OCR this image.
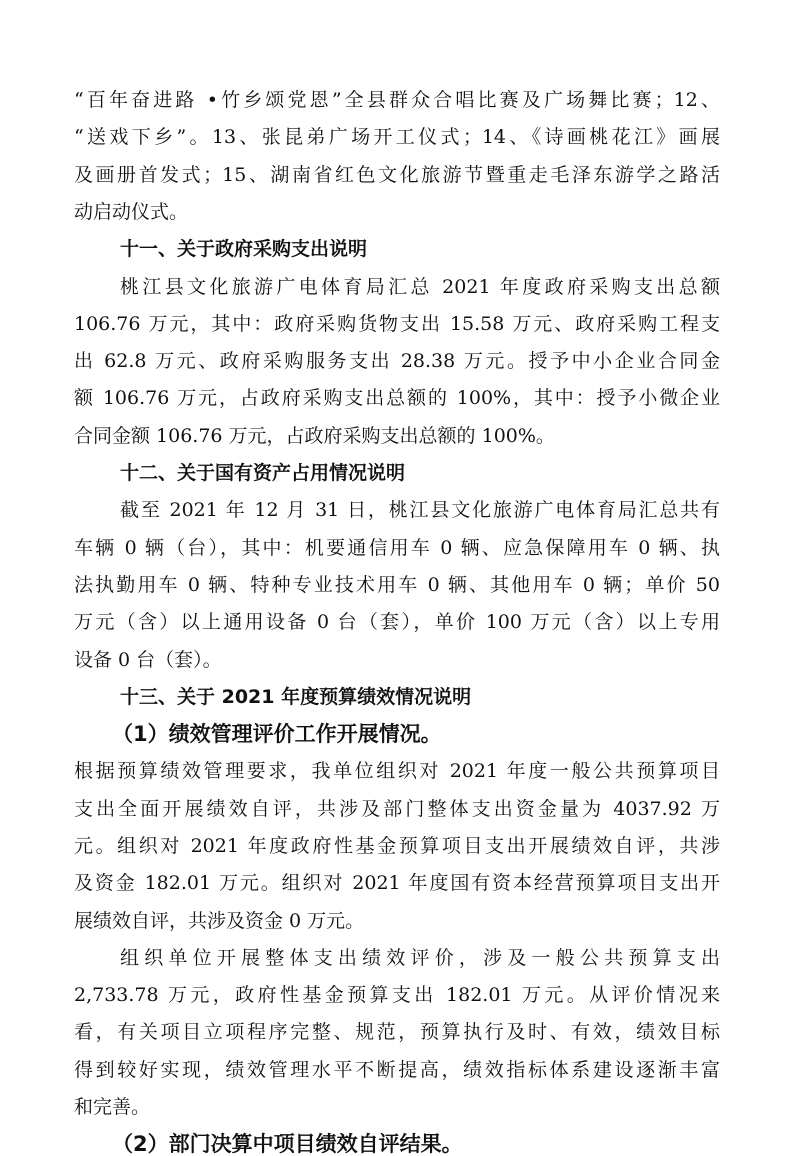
“百年奋进路 •竹乡颂党恩”全县群众合唱比赛及广场舞比赛；12、
“送戏下乡”。13、张昆弟广场开工仪式；14、《诗画桃花江》画展
及画册首发式；15、湖南省红色文化旅游节暨重走毛泽东游学之路活
动启动仪式。
十一、关于政府采购支出说明
桃江县文化旅游广电体育局汇总 2021 年度政府采购支出总额
106.76 万元，其中：政府采购货物支出 15.58 万元、政府采购工程支
出 62.8 万元、政府采购服务支出 28.38 万元。授予中小企业合同金
额 106.76 万元，占政府采购支出总额的 100%，其中：授予小微企业
合同金额 106.76 万元，占政府采购支出总额的 100%。
十二、关于国有资产占用情况说明
截至 2021 年 12 月 31 日，桃江县文化旅游广电体育局汇总共有
车辆 0 辆（台），其中：机要通信用车 0 辆、应急保障用车 0 辆、执
法执勤用车 0 辆、特种专业技术用车 0 辆、其他用车 0 辆；单价 50
万元（含）以上通用设备 0 台（套），单价 100 万元（含）以上专用
设备 0 台（套）。
十三、关于 2021 年度预算绩效情况说明
（1）绩效管理评价工作开展情况。
根据预算绩效管理要求，我单位组织对 2021 年度一般公共预算项目
支出全面开展绩效自评，共涉及部门整体支出资金量为 4037.92 万
元。组织对 2021 年度政府性基金预算项目支出开展绩效自评，共涉
及资金 182.01 万元。组织对 2021 年度国有资本经营预算项目支出开
展绩效自评，共涉及资金 0 万元。
组织单位开展整体支出绩效评价，涉及一般公共预算支出
2,733.78 万元，政府性基金预算支出 182.01 万元。从评价情况来
看，有关项目立项程序完整、规范，预算执行及时、有效，绩效目标
得到较好实现，绩效管理水平不断提高，绩效指标体系建设逐渐丰富
和完善。
（2）部门决算中项目绩效自评结果。
